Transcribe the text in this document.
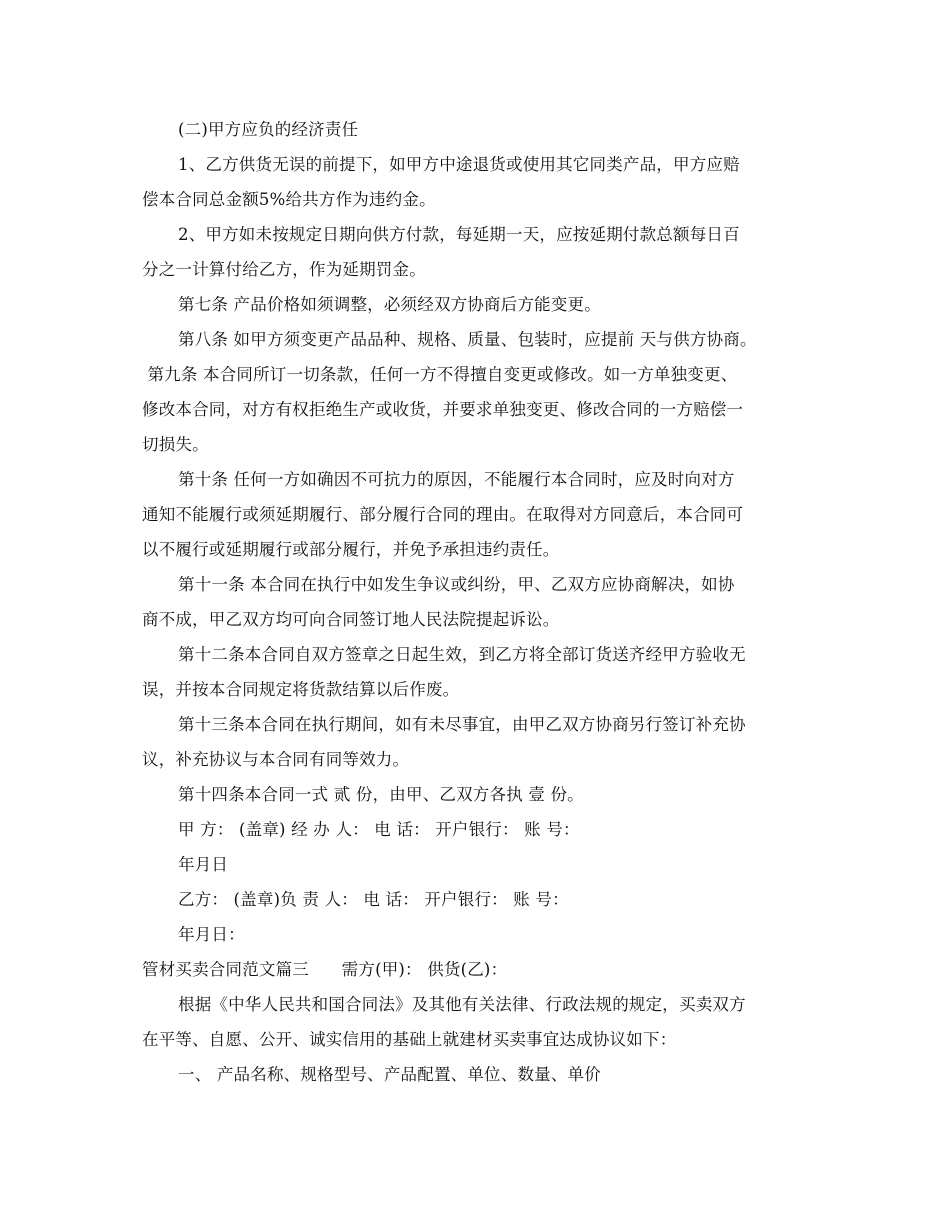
(二)甲方应负的经济责任
1、乙方供货无误的前提下，如甲方中途退货或使用其它同类产品，甲方应赔
偿本合同总金额5%给共方作为违约金。
2、甲方如未按规定日期向供方付款，每延期一天，应按延期付款总额每日百
分之一计算付给乙方，作为延期罚金。
第七条 产品价格如须调整，必须经双方协商后方能变更。
第八条 如甲方须变更产品品种、规格、质量、包装时，应提前 天与供方协商。
第九条 本合同所订一切条款，任何一方不得擅自变更或修改。如一方单独变更、
修改本合同，对方有权拒绝生产或收货，并要求单独变更、修改合同的一方赔偿一
切损失。
第十条 任何一方如确因不可抗力的原因，不能履行本合同时，应及时向对方
通知不能履行或须延期履行、部分履行合同的理由。在取得对方同意后，本合同可
以不履行或延期履行或部分履行，并免予承担违约责任。
第十一条 本合同在执行中如发生争议或纠纷，甲、乙双方应协商解决，如协
商不成，甲乙双方均可向合同签订地人民法院提起诉讼。
第十二条本合同自双方签章之日起生效，到乙方将全部订货送齐经甲方验收无
误，并按本合同规定将货款结算以后作废。
第十三条本合同在执行期间，如有未尽事宜，由甲乙双方协商另行签订补充协
议，补充协议与本合同有同等效力。
第十四条本合同一式 贰 份，由甲、乙双方各执 壹 份。
甲 方： (盖章) 经 办 人： 电 话： 开户银行： 账 号：
年月日
乙方： (盖章)负 责 人： 电 话： 开户银行： 账 号：
年月日：
管材买卖合同范文篇三      需方(甲)： 供货(乙)：
根据《中华人民共和国合同法》及其他有关法律、行政法规的规定，买卖双方
在平等、自愿、公开、诚实信用的基础上就建材买卖事宜达成协议如下：
一、 产品名称、规格型号、产品配置、单位、数量、单价
